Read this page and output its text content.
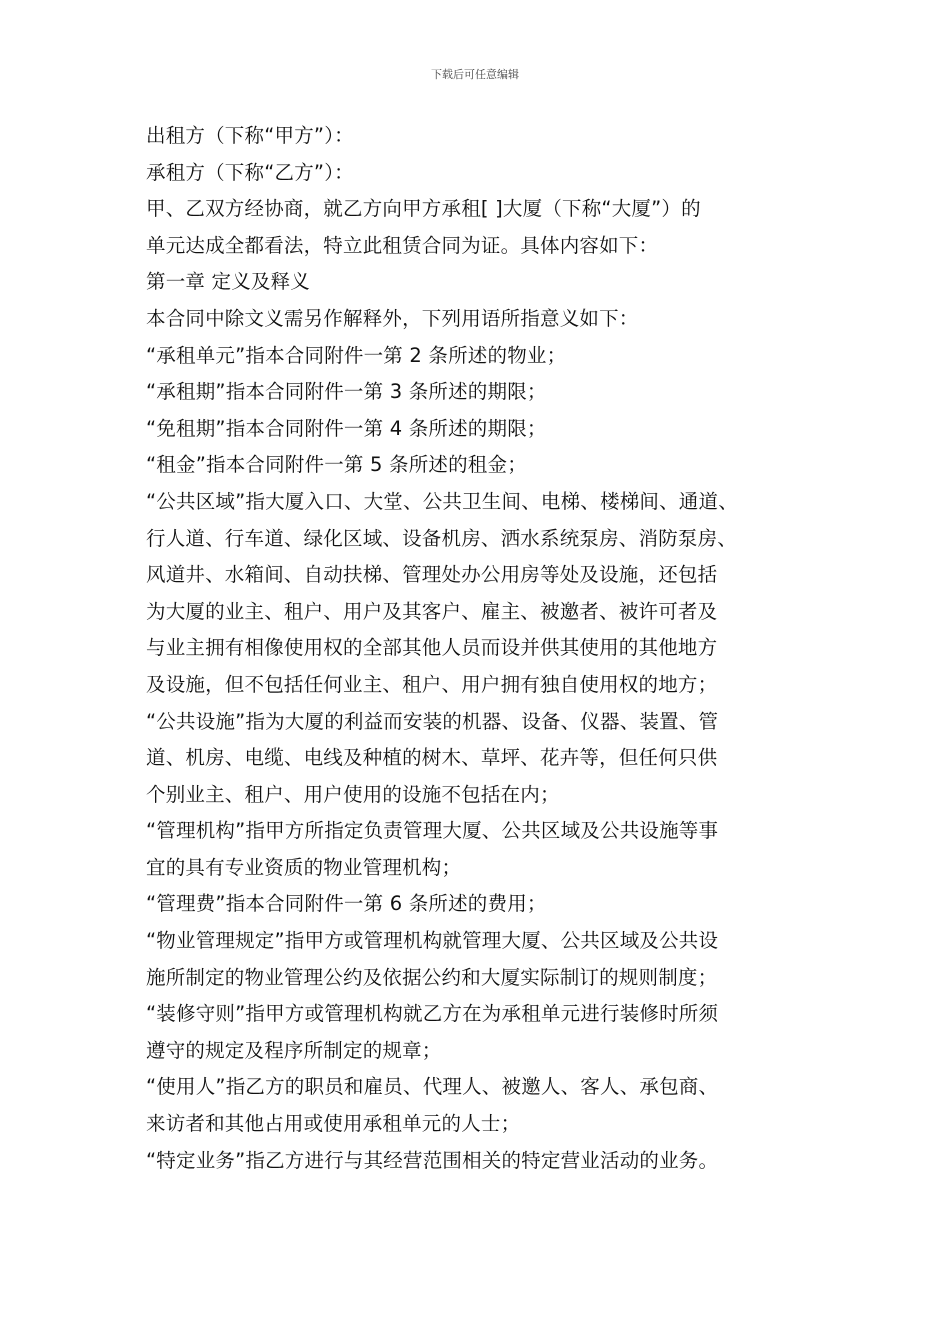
下载后可任意编辑
出租方（下称“甲方”）：
承租方（下称“乙方”）：
甲、乙双方经协商，就乙方向甲方承租[ ]大厦（下称“大厦”）的
单元达成全都看法，特立此租赁合同为证。具体内容如下：
第一章 定义及释义
本合同中除文义需另作解释外，下列用语所指意义如下：
“承租单元”指本合同附件一第 2 条所述的物业；
“承租期”指本合同附件一第 3 条所述的期限；
“免租期”指本合同附件一第 4 条所述的期限；
“租金”指本合同附件一第 5 条所述的租金；
“公共区域”指大厦入口、大堂、公共卫生间、电梯、楼梯间、通道、
行人道、行车道、绿化区域、设备机房、洒水系统泵房、消防泵房、
风道井、水箱间、自动扶梯、管理处办公用房等处及设施，还包括
为大厦的业主、租户、用户及其客户、雇主、被邀者、被许可者及
与业主拥有相像使用权的全部其他人员而设并供其使用的其他地方
及设施，但不包括任何业主、租户、用户拥有独自使用权的地方；
“公共设施”指为大厦的利益而安装的机器、设备、仪器、装置、管
道、机房、电缆、电线及种植的树木、草坪、花卉等，但任何只供
个别业主、租户、用户使用的设施不包括在内；
“管理机构”指甲方所指定负责管理大厦、公共区域及公共设施等事
宜的具有专业资质的物业管理机构；
“管理费”指本合同附件一第 6 条所述的费用；
“物业管理规定”指甲方或管理机构就管理大厦、公共区域及公共设
施所制定的物业管理公约及依据公约和大厦实际制订的规则制度；
“装修守则”指甲方或管理机构就乙方在为承租单元进行装修时所须
遵守的规定及程序所制定的规章；
“使用人”指乙方的职员和雇员、代理人、被邀人、客人、承包商、
来访者和其他占用或使用承租单元的人士；
“特定业务”指乙方进行与其经营范围相关的特定营业活动的业务。
